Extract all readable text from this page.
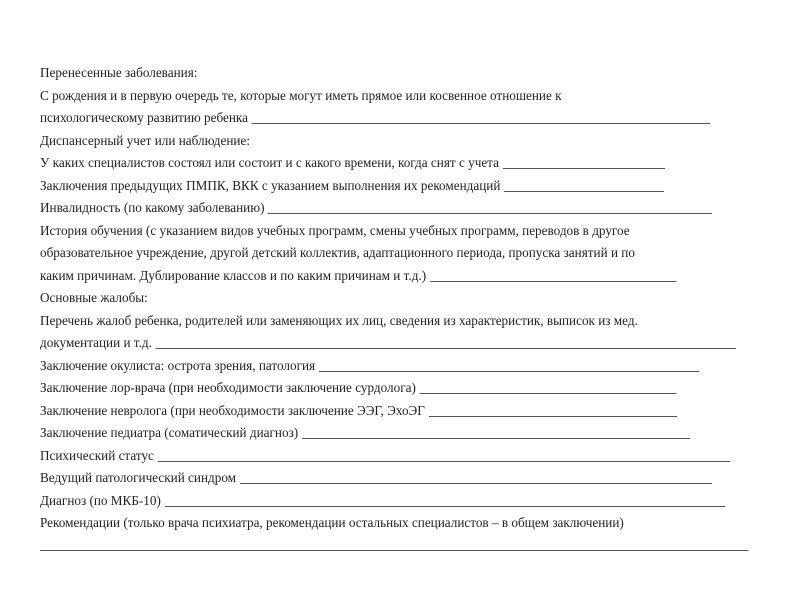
Перенесенные заболевания:
С рождения и в первую очередь те, которые могут иметь прямое или косвенное отношение к
психологическому развитию ребенка
Диспансерный учет или наблюдение:
У каких специалистов состоял или состоит и с какого времени, когда снят с учета
Заключения предыдущих ПМПК, ВКК с указанием выполнения их рекомендаций
Инвалидность (по какому заболеванию)
История обучения (с указанием видов учебных программ, смены учебных программ, переводов в другое
образовательное учреждение, другой детский коллектив, адаптационного периода, пропуска занятий и по
каким причинам. Дублирование классов и по каким причинам и т.д.)
Основные жалобы:
Перечень жалоб ребенка, родителей или заменяющих их лиц, сведения из характеристик, выписок из мед.
документации и т.д.
Заключение окулиста: острота зрения, патология
Заключение лор-врача (при необходимости заключение сурдолога)
Заключение невролога (при необходимости заключение ЭЭГ, ЭхоЭГ
Заключение педиатра (соматический диагноз)
Психический статус
Ведущий патологический синдром
Диагноз (по МКБ-10)
Рекомендации (только врача психиатра, рекомендации остальных специалистов – в общем заключении)
